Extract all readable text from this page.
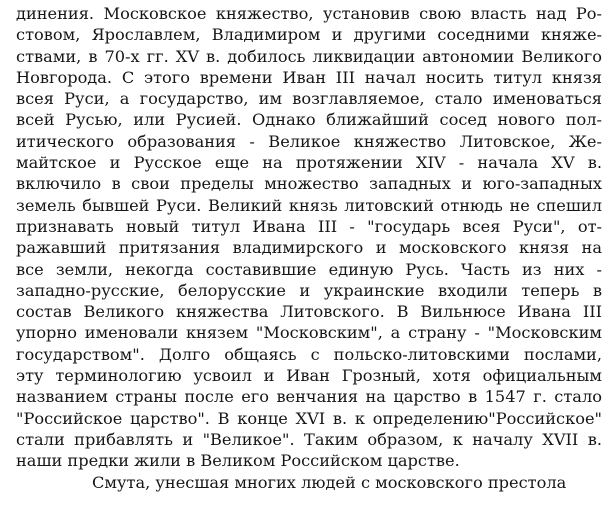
динения. Московское княжество, установив свою власть над Ро-
стовом, Ярославлем, Владимиром и другими соседними княже-
ствами, в 70-х гг. XV в. добилось ликвидации автономии Великого
Новгорода. С этого времени Иван III начал носить титул князя
всея Руси, а государство, им возглавляемое, стало именоваться
всей Русью, или Русией. Однако ближайший сосед нового пол-
итического образования - Великое княжество Литовское, Же-
майтское и Русское еще на протяжении XIV - начала XV в.
включило в свои пределы множество западных и юго-западных
земель бывшей Руси. Великий князь литовский отнюдь не спешил
признавать новый титул Ивана III - "государь всея Руси", от-
ражавший притязания владимирского и московского князя на
все земли, некогда составившие единую Русь. Часть из них -
западно-русские, белорусские и украинские входили теперь в
состав Великого княжества Литовского. В Вильнюсе Ивана III
упорно именовали князем "Московским", а страну - "Московским
государством". Долго общаясь с польско-литовскими послами,
эту терминологию усвоил и Иван Грозный, хотя официальным
названием страны после его венчания на царство в 1547 г. стало
"Российское царство". В конце XVI в. к определению"Российское"
стали прибавлять и "Великое". Таким образом, к началу XVII в.
наши предки жили в Великом Российском царстве.
Смута, унесшая многих людей с московского престола
